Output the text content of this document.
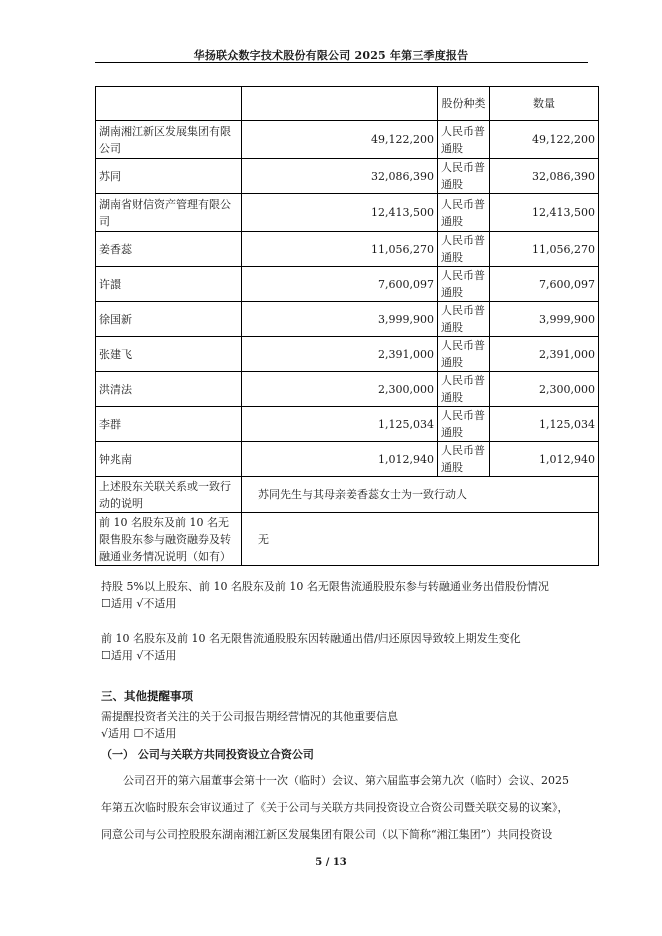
华扬联众数字技术股份有限公司 2025 年第三季度报告
		股份种类	数量
湖南湘江新区发展集团有限公司	49,122,200	人民币普通股	49,122,200
苏同	32,086,390	人民币普通股	32,086,390
湖南省财信资产管理有限公司	12,413,500	人民币普通股	12,413,500
姜香蕊	11,056,270	人民币普通股	11,056,270
许譞	7,600,097	人民币普通股	7,600,097
徐国新	3,999,900	人民币普通股	3,999,900
张建飞	2,391,000	人民币普通股	2,391,000
洪清法	2,300,000	人民币普通股	2,300,000
李群	1,125,034	人民币普通股	1,125,034
钟兆南	1,012,940	人民币普通股	1,012,940
上述股东关联关系或一致行动的说明	苏同先生与其母亲姜香蕊女士为一致行动人		
前 10 名股东及前 10 名无限售股东参与融资融券及转融通业务情况说明（如有）	无		
持股 5%以上股东、前 10 名股东及前 10 名无限售流通股股东参与转融通业务出借股份情况
☐适用 √不适用
前 10 名股东及前 10 名无限售流通股股东因转融通出借/归还原因导致较上期发生变化
☐适用 √不适用
三、其他提醒事项
需提醒投资者关注的关于公司报告期经营情况的其他重要信息
√适用 ☐不适用
（一） 公司与关联方共同投资设立合资公司
公司召开的第六届董事会第十一次（临时）会议、第六届监事会第九次（临时）会议、2025
年第五次临时股东会审议通过了《关于公司与关联方共同投资设立合资公司暨关联交易的议案》，
同意公司与公司控股股东湖南湘江新区发展集团有限公司（以下简称“湘江集团”）共同投资设
5 / 13
